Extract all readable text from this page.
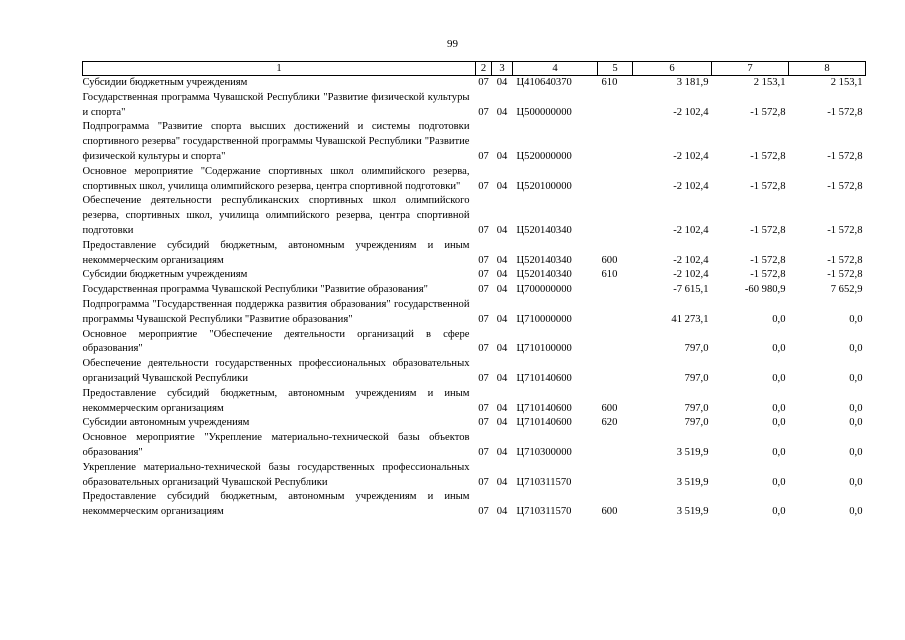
99
1	2	3	4	5	6	7	8
Субсидии бюджетным учреждениям	07	04	Ц410640370	610	3 181,9	2 153,1	2 153,1
Государственная программа Чувашской Республики "Развитие физической культуры и спорта"	07	04	Ц500000000		-2 102,4	-1 572,8	-1 572,8
Подпрограмма "Развитие спорта высших достижений и системы подготовки спортивного резерва" государственной программы Чувашской Республики "Развитие физической культуры и спорта"	07	04	Ц520000000		-2 102,4	-1 572,8	-1 572,8
Основное мероприятие "Содержание спортивных школ олимпийского резерва, спортивных школ, училища олимпийского резерва, центра спортивной подготовки"	07	04	Ц520100000		-2 102,4	-1 572,8	-1 572,8
Обеспечение деятельности республиканских спортивных школ олимпийского резерва, спортивных школ, училища олимпийского резерва, центра спортивной подготовки	07	04	Ц520140340		-2 102,4	-1 572,8	-1 572,8
Предоставление субсидий бюджетным, автономным учреждениям и иным некоммерческим организациям	07	04	Ц520140340	600	-2 102,4	-1 572,8	-1 572,8
Субсидии бюджетным учреждениям	07	04	Ц520140340	610	-2 102,4	-1 572,8	-1 572,8
Государственная программа Чувашской Республики "Развитие образования"	07	04	Ц700000000		-7 615,1	-60 980,9	7 652,9
Подпрограмма "Государственная поддержка развития образования" государственной программы Чувашской Республики "Развитие образования"	07	04	Ц710000000		41 273,1	0,0	0,0
Основное мероприятие "Обеспечение деятельности организаций в сфере образования"	07	04	Ц710100000		797,0	0,0	0,0
Обеспечение деятельности государственных профессиональных образовательных организаций Чувашской Республики	07	04	Ц710140600		797,0	0,0	0,0
Предоставление субсидий бюджетным, автономным учреждениям и иным некоммерческим организациям	07	04	Ц710140600	600	797,0	0,0	0,0
Субсидии автономным учреждениям	07	04	Ц710140600	620	797,0	0,0	0,0
Основное мероприятие "Укрепление материально-технической базы объектов образования"	07	04	Ц710300000		3 519,9	0,0	0,0
Укрепление материально-технической базы государственных профессиональных образовательных организаций Чувашской Республики	07	04	Ц710311570		3 519,9	0,0	0,0
Предоставление субсидий бюджетным, автономным учреждениям и иным некоммерческим организациям	07	04	Ц710311570	600	3 519,9	0,0	0,0
